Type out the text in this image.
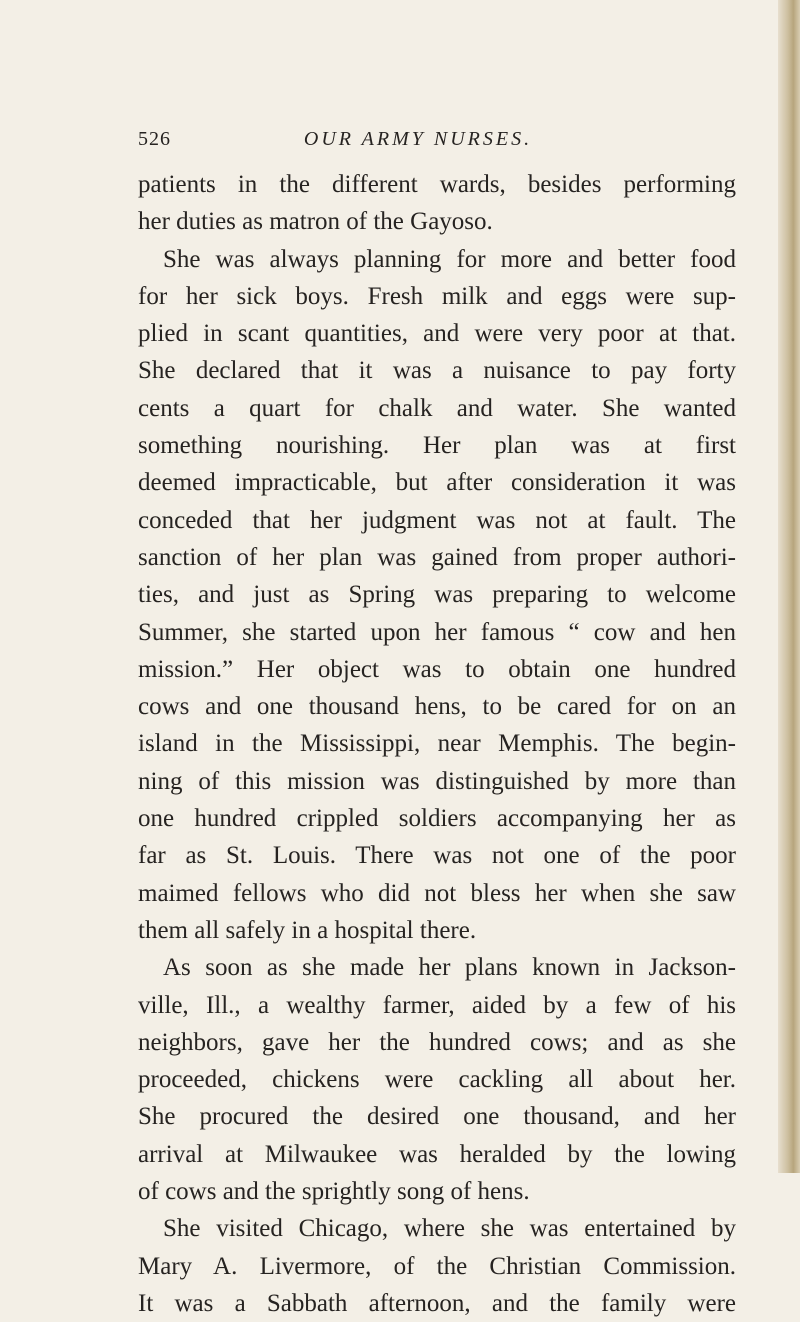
526	OUR ARMY NURSES.
patients in the different wards, besides performing
her duties as matron of the Gayoso.
She was always planning for more and better food
for her sick boys. Fresh milk and eggs were sup-
plied in scant quantities, and were very poor at that.
She declared that it was a nuisance to pay forty
cents a quart for chalk and water. She wanted
something nourishing. Her plan was at first
deemed impracticable, but after consideration it was
conceded that her judgment was not at fault. The
sanction of her plan was gained from proper authori-
ties, and just as Spring was preparing to welcome
Summer, she started upon her famous “ cow and hen
mission.” Her object was to obtain one hundred
cows and one thousand hens, to be cared for on an
island in the Mississippi, near Memphis. The begin-
ning of this mission was distinguished by more than
one hundred crippled soldiers accompanying her as
far as St. Louis. There was not one of the poor
maimed fellows who did not bless her when she saw
them all safely in a hospital there.
As soon as she made her plans known in Jackson-
ville, Ill., a wealthy farmer, aided by a few of his
neighbors, gave her the hundred cows; and as she
proceeded, chickens were cackling all about her.
She procured the desired one thousand, and her
arrival at Milwaukee was heralded by the lowing
of cows and the sprightly song of hens.
She visited Chicago, where she was entertained by
Mary A. Livermore, of the Christian Commission.
It was a Sabbath afternoon, and the family were
